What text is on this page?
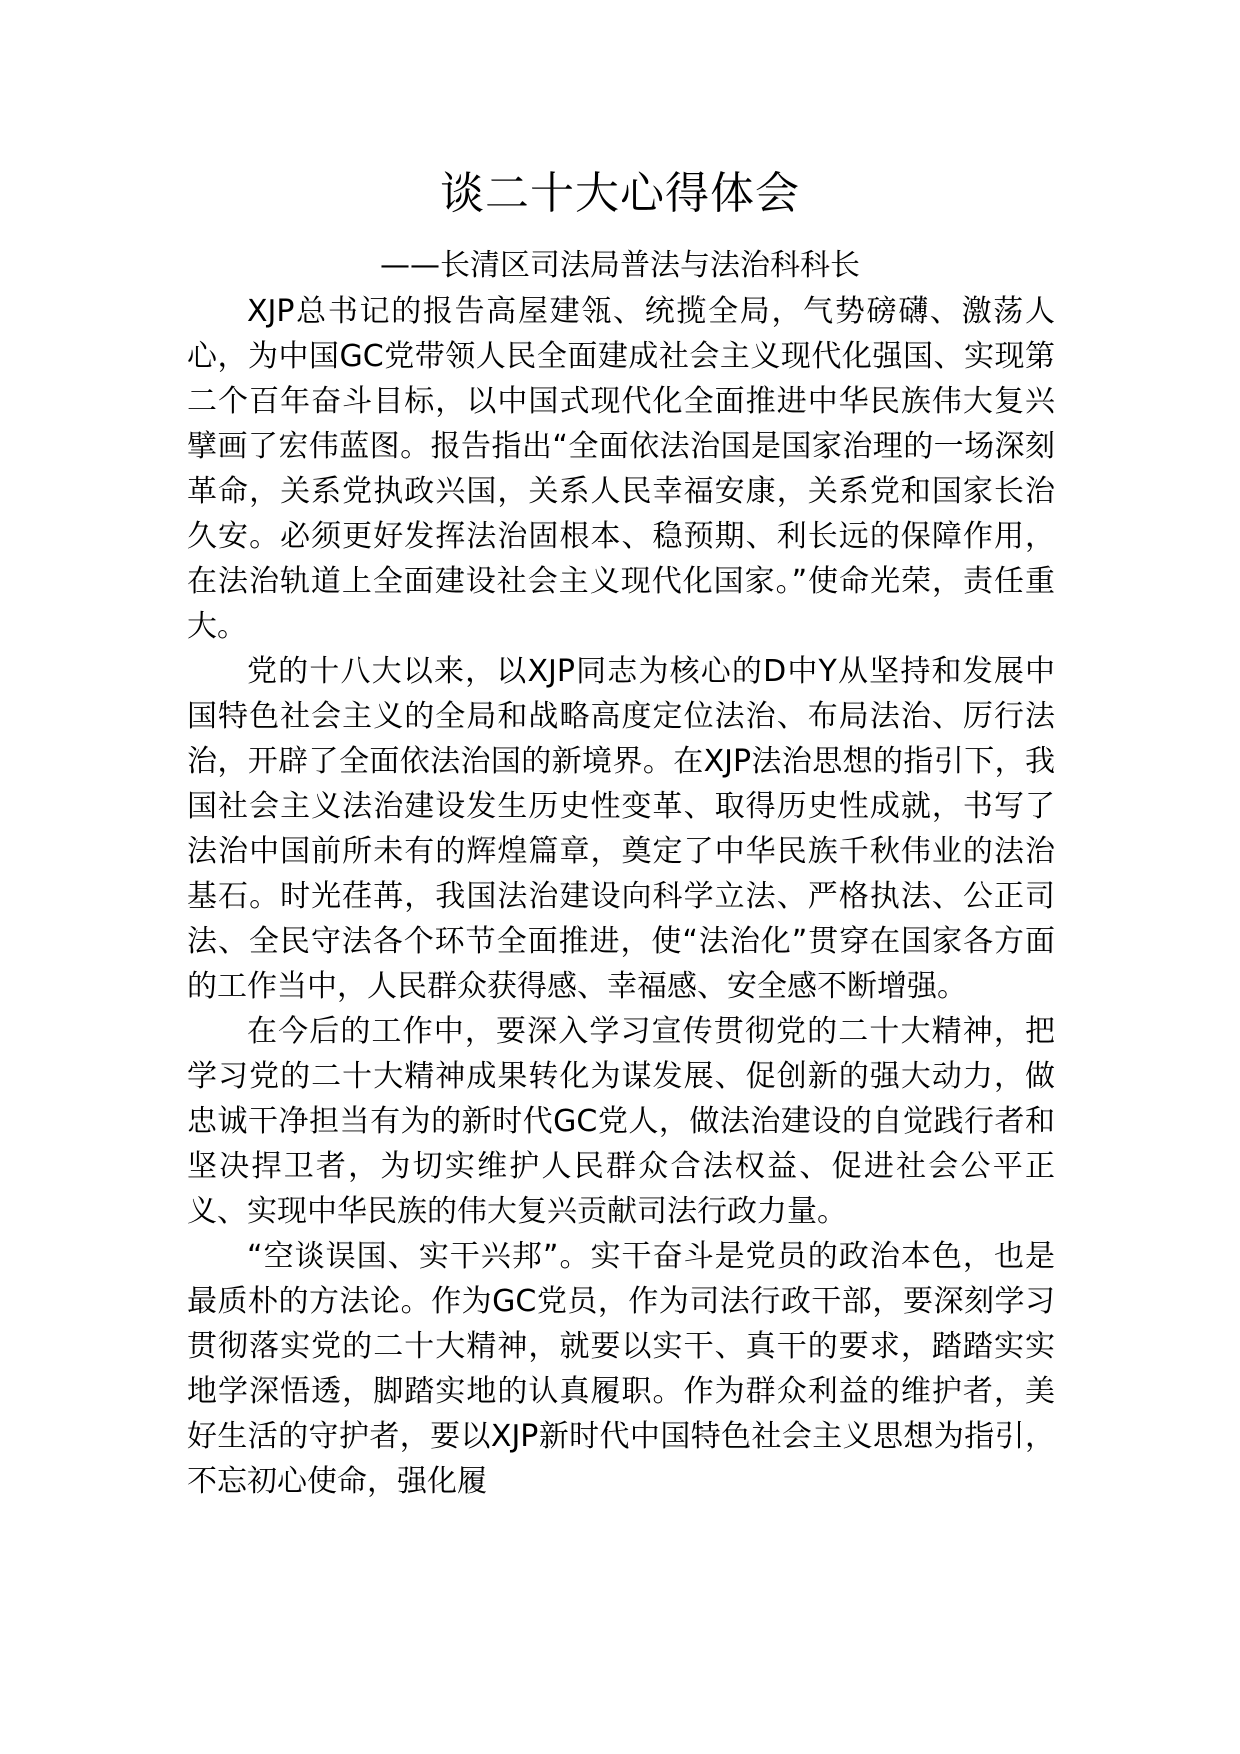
谈二十大心得体会
——长清区司法局普法与法治科科长

XJP总书记的报告高屋建瓴、统揽全局，气势磅礴、激荡人心，为中国GC党带领人民全面建成社会主义现代化强国、实现第二个百年奋斗目标，以中国式现代化全面推进中华民族伟大复兴擘画了宏伟蓝图。报告指出“全面依法治国是国家治理的一场深刻革命，关系党执政兴国，关系人民幸福安康，关系党和国家长治久安。必须更好发挥法治固根本、稳预期、利长远的保障作用，在法治轨道上全面建设社会主义现代化国家。”使命光荣，责任重大。

党的十八大以来，以XJP同志为核心的D中Y从坚持和发展中国特色社会主义的全局和战略高度定位法治、布局法治、厉行法治，开辟了全面依法治国的新境界。在XJP法治思想的指引下，我国社会主义法治建设发生历史性变革、取得历史性成就，书写了法治中国前所未有的辉煌篇章，奠定了中华民族千秋伟业的法治基石。时光荏苒，我国法治建设向科学立法、严格执法、公正司法、全民守法各个环节全面推进，使“法治化”贯穿在国家各方面的工作当中，人民群众获得感、幸福感、安全感不断增强。

在今后的工作中，要深入学习宣传贯彻党的二十大精神，把学习党的二十大精神成果转化为谋发展、促创新的强大动力，做忠诚干净担当有为的新时代GC党人，做法治建设的自觉践行者和坚决捍卫者，为切实维护人民群众合法权益、促进社会公平正义、实现中华民族的伟大复兴贡献司法行政力量。

“空谈误国、实干兴邦”。实干奋斗是党员的政治本色，也是最质朴的方法论。作为GC党员，作为司法行政干部，要深刻学习贯彻落实党的二十大精神，就要以实干、真干的要求，踏踏实实地学深悟透，脚踏实地的认真履职。作为群众利益的维护者，美好生活的守护者，要以XJP新时代中国特色社会主义思想为指引，不忘初心使命，强化履
